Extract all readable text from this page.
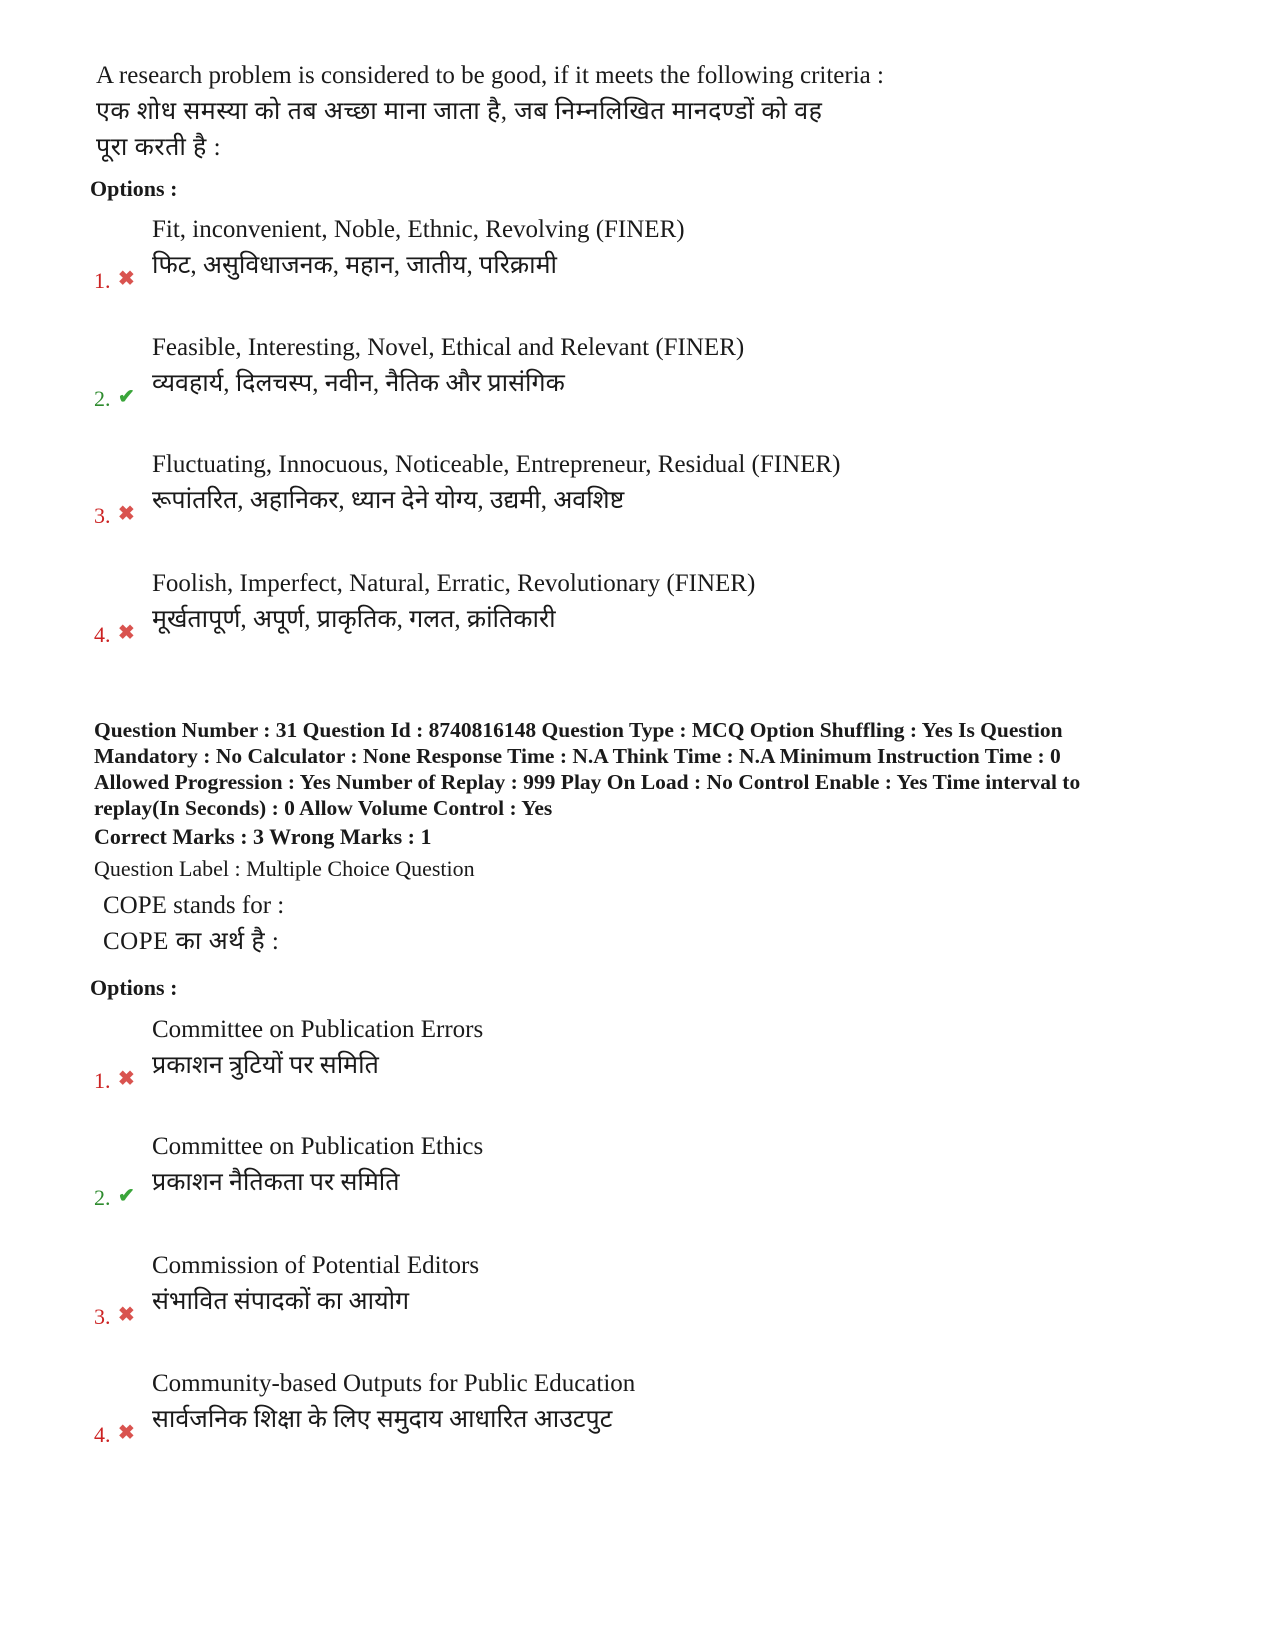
A research problem is considered to be good, if it meets the following criteria :
एक शोध समस्या को तब अच्छा माना जाता है, जब निम्नलिखित मानदण्डों को वह
पूरा करती है :
Options :
1. ✖
Fit, inconvenient, Noble, Ethnic, Revolving (FINER)
फिट, असुविधाजनक, महान, जातीय, परिक्रामी
2. ✔
Feasible, Interesting, Novel, Ethical and Relevant (FINER)
व्यवहार्य, दिलचस्प, नवीन, नैतिक और प्रासंगिक
3. ✖
Fluctuating, Innocuous, Noticeable, Entrepreneur, Residual (FINER)
रूपांतरित, अहानिकर, ध्यान देने योग्य, उद्यमी, अवशिष्ट
4. ✖
Foolish, Imperfect, Natural, Erratic, Revolutionary (FINER)
मूर्खतापूर्ण, अपूर्ण, प्राकृतिक, गलत, क्रांतिकारी
Question Number : 31 Question Id : 8740816148 Question Type : MCQ Option Shuffling : Yes Is Question
Mandatory : No Calculator : None Response Time : N.A Think Time : N.A Minimum Instruction Time : 0
Allowed Progression : Yes Number of Replay : 999 Play On Load : No Control Enable : Yes Time interval to
replay(In Seconds) : 0 Allow Volume Control : Yes
Correct Marks : 3 Wrong Marks : 1
Question Label : Multiple Choice Question
COPE stands for :
COPE का अर्थ है :
Options :
1. ✖
Committee on Publication Errors
प्रकाशन त्रुटियों पर समिति
2. ✔
Committee on Publication Ethics
प्रकाशन नैतिकता पर समिति
3. ✖
Commission of Potential Editors
संभावित संपादकों का आयोग
4. ✖
Community-based Outputs for Public Education
सार्वजनिक शिक्षा के लिए समुदाय आधारित आउटपुट
